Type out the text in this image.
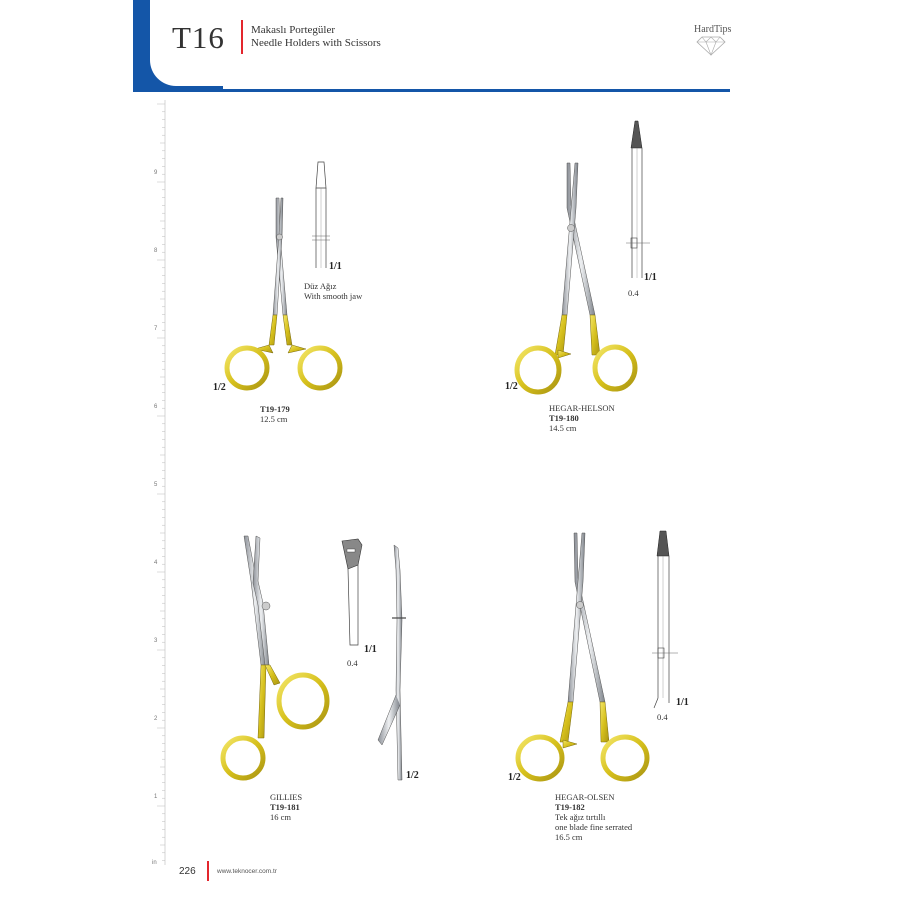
T16 Makaslı Portegüler
Needle Holders with Scissors
HardTips
9
8
7
6
5
4
3
2
1
in
1/2
1/1
Düz Ağız
With smooth jaw
T19-179
12.5 cm
1/2
1/1
0.4
HEGAR-HELSON
T19-180
14.5 cm
1/1
0.4
1/2
GILLIES
T19-181
16 cm
1/2
1/1
0.4
HEGAR-OLSEN
T19-182
Tek ağız tırtıllı
one blade fine serrated
16.5 cm
226	www.teknocer.com.tr
